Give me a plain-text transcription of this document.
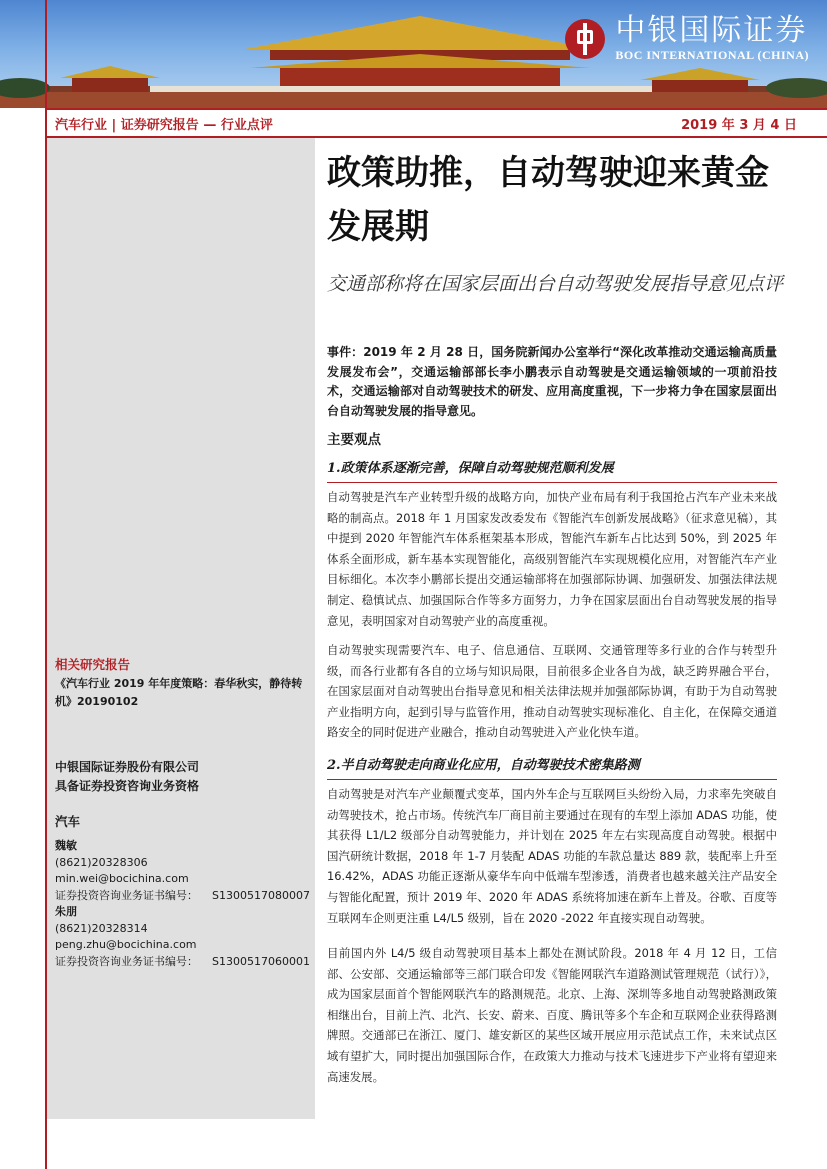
中银国际证券
BOC INTERNATIONAL (CHINA)
汽车行业 | 证券研究报告 — 行业点评	2019 年 3 月 4 日
相关研究报告
《汽车行业 2019 年年度策略：春华秋实，静待转机》20190102
中银国际证券股份有限公司
具备证券投资咨询业务资格
汽车
魏敏
(8621)20328306
min.wei@bocichina.com
证券投资咨询业务证书编号： S1300517080007
朱朋
(8621)20328314
peng.zhu@bocichina.com
证券投资咨询业务证书编号： S1300517060001
政策助推，自动驾驶迎来黄金发展期
交通部称将在国家层面出台自动驾驶发展指导意见点评
事件：2019 年 2 月 28 日，国务院新闻办公室举行“深化改革推动交通运输高质量发展发布会”，交通运输部部长李小鹏表示自动驾驶是交通运输领域的一项前沿技术，交通运输部对自动驾驶技术的研发、应用高度重视，下一步将力争在国家层面出台自动驾驶发展的指导意见。
主要观点
1.政策体系逐渐完善，保障自动驾驶规范顺利发展

自动驾驶是汽车产业转型升级的战略方向，加快产业布局有利于我国抢占汽车产业未来战略的制高点。2018 年 1 月国家发改委发布《智能汽车创新发展战略》（征求意见稿），其中提到 2020 年智能汽车体系框架基本形成，智能汽车新车占比达到 50%，到 2025 年体系全面形成，新车基本实现智能化，高级别智能汽车实现规模化应用，对智能汽车产业目标细化。本次李小鹏部长提出交通运输部将在加强部际协调、加强研发、加强法律法规制定、稳慎试点、加强国际合作等多方面努力，力争在国家层面出台自动驾驶发展的指导意见，表明国家对自动驾驶产业的高度重视。

自动驾驶实现需要汽车、电子、信息通信、互联网、交通管理等多行业的合作与转型升级，而各行业都有各自的立场与知识局限，目前很多企业各自为战，缺乏跨界融合平台，在国家层面对自动驾驶出台指导意见和相关法律法规并加强部际协调，有助于为自动驾驶产业指明方向，起到引导与监管作用，推动自动驾驶实现标准化、自主化，在保障交通道路安全的同时促进产业融合，推动自动驾驶进入产业化快车道。

2.半自动驾驶走向商业化应用，自动驾驶技术密集路测

自动驾驶是对汽车产业颠覆式变革，国内外车企与互联网巨头纷纷入局，力求率先突破自动驾驶技术，抢占市场。传统汽车厂商目前主要通过在现有的车型上添加 ADAS 功能，使其获得 L1/L2 级部分自动驾驶能力，并计划在 2025 年左右实现高度自动驾驶。根据中国汽研统计数据，2018 年 1-7 月装配 ADAS 功能的车款总量达 889 款，装配率上升至 16.42%，ADAS 功能正逐渐从豪华车向中低端车型渗透，消费者也越来越关注产品安全与智能化配置，预计 2019 年、2020 年 ADAS 系统将加速在新车上普及。谷歌、百度等互联网车企则更注重 L4/L5 级别，旨在 2020 -2022 年直接实现自动驾驶。

目前国内外 L4/5 级自动驾驶项目基本上都处在测试阶段。2018 年 4 月 12 日，工信部、公安部、交通运输部等三部门联合印发《智能网联汽车道路测试管理规范（试行）》，成为国家层面首个智能网联汽车的路测规范。北京、上海、深圳等多地自动驾驶路测政策相继出台，目前上汽、北汽、长安、蔚来、百度、腾讯等多个车企和互联网企业获得路测牌照。交通部已在浙江、厦门、雄安新区的某些区域开展应用示范试点工作，未来试点区域有望扩大，同时提出加强国际合作，在政策大力推动与技术飞速进步下产业将有望迎来高速发展。
